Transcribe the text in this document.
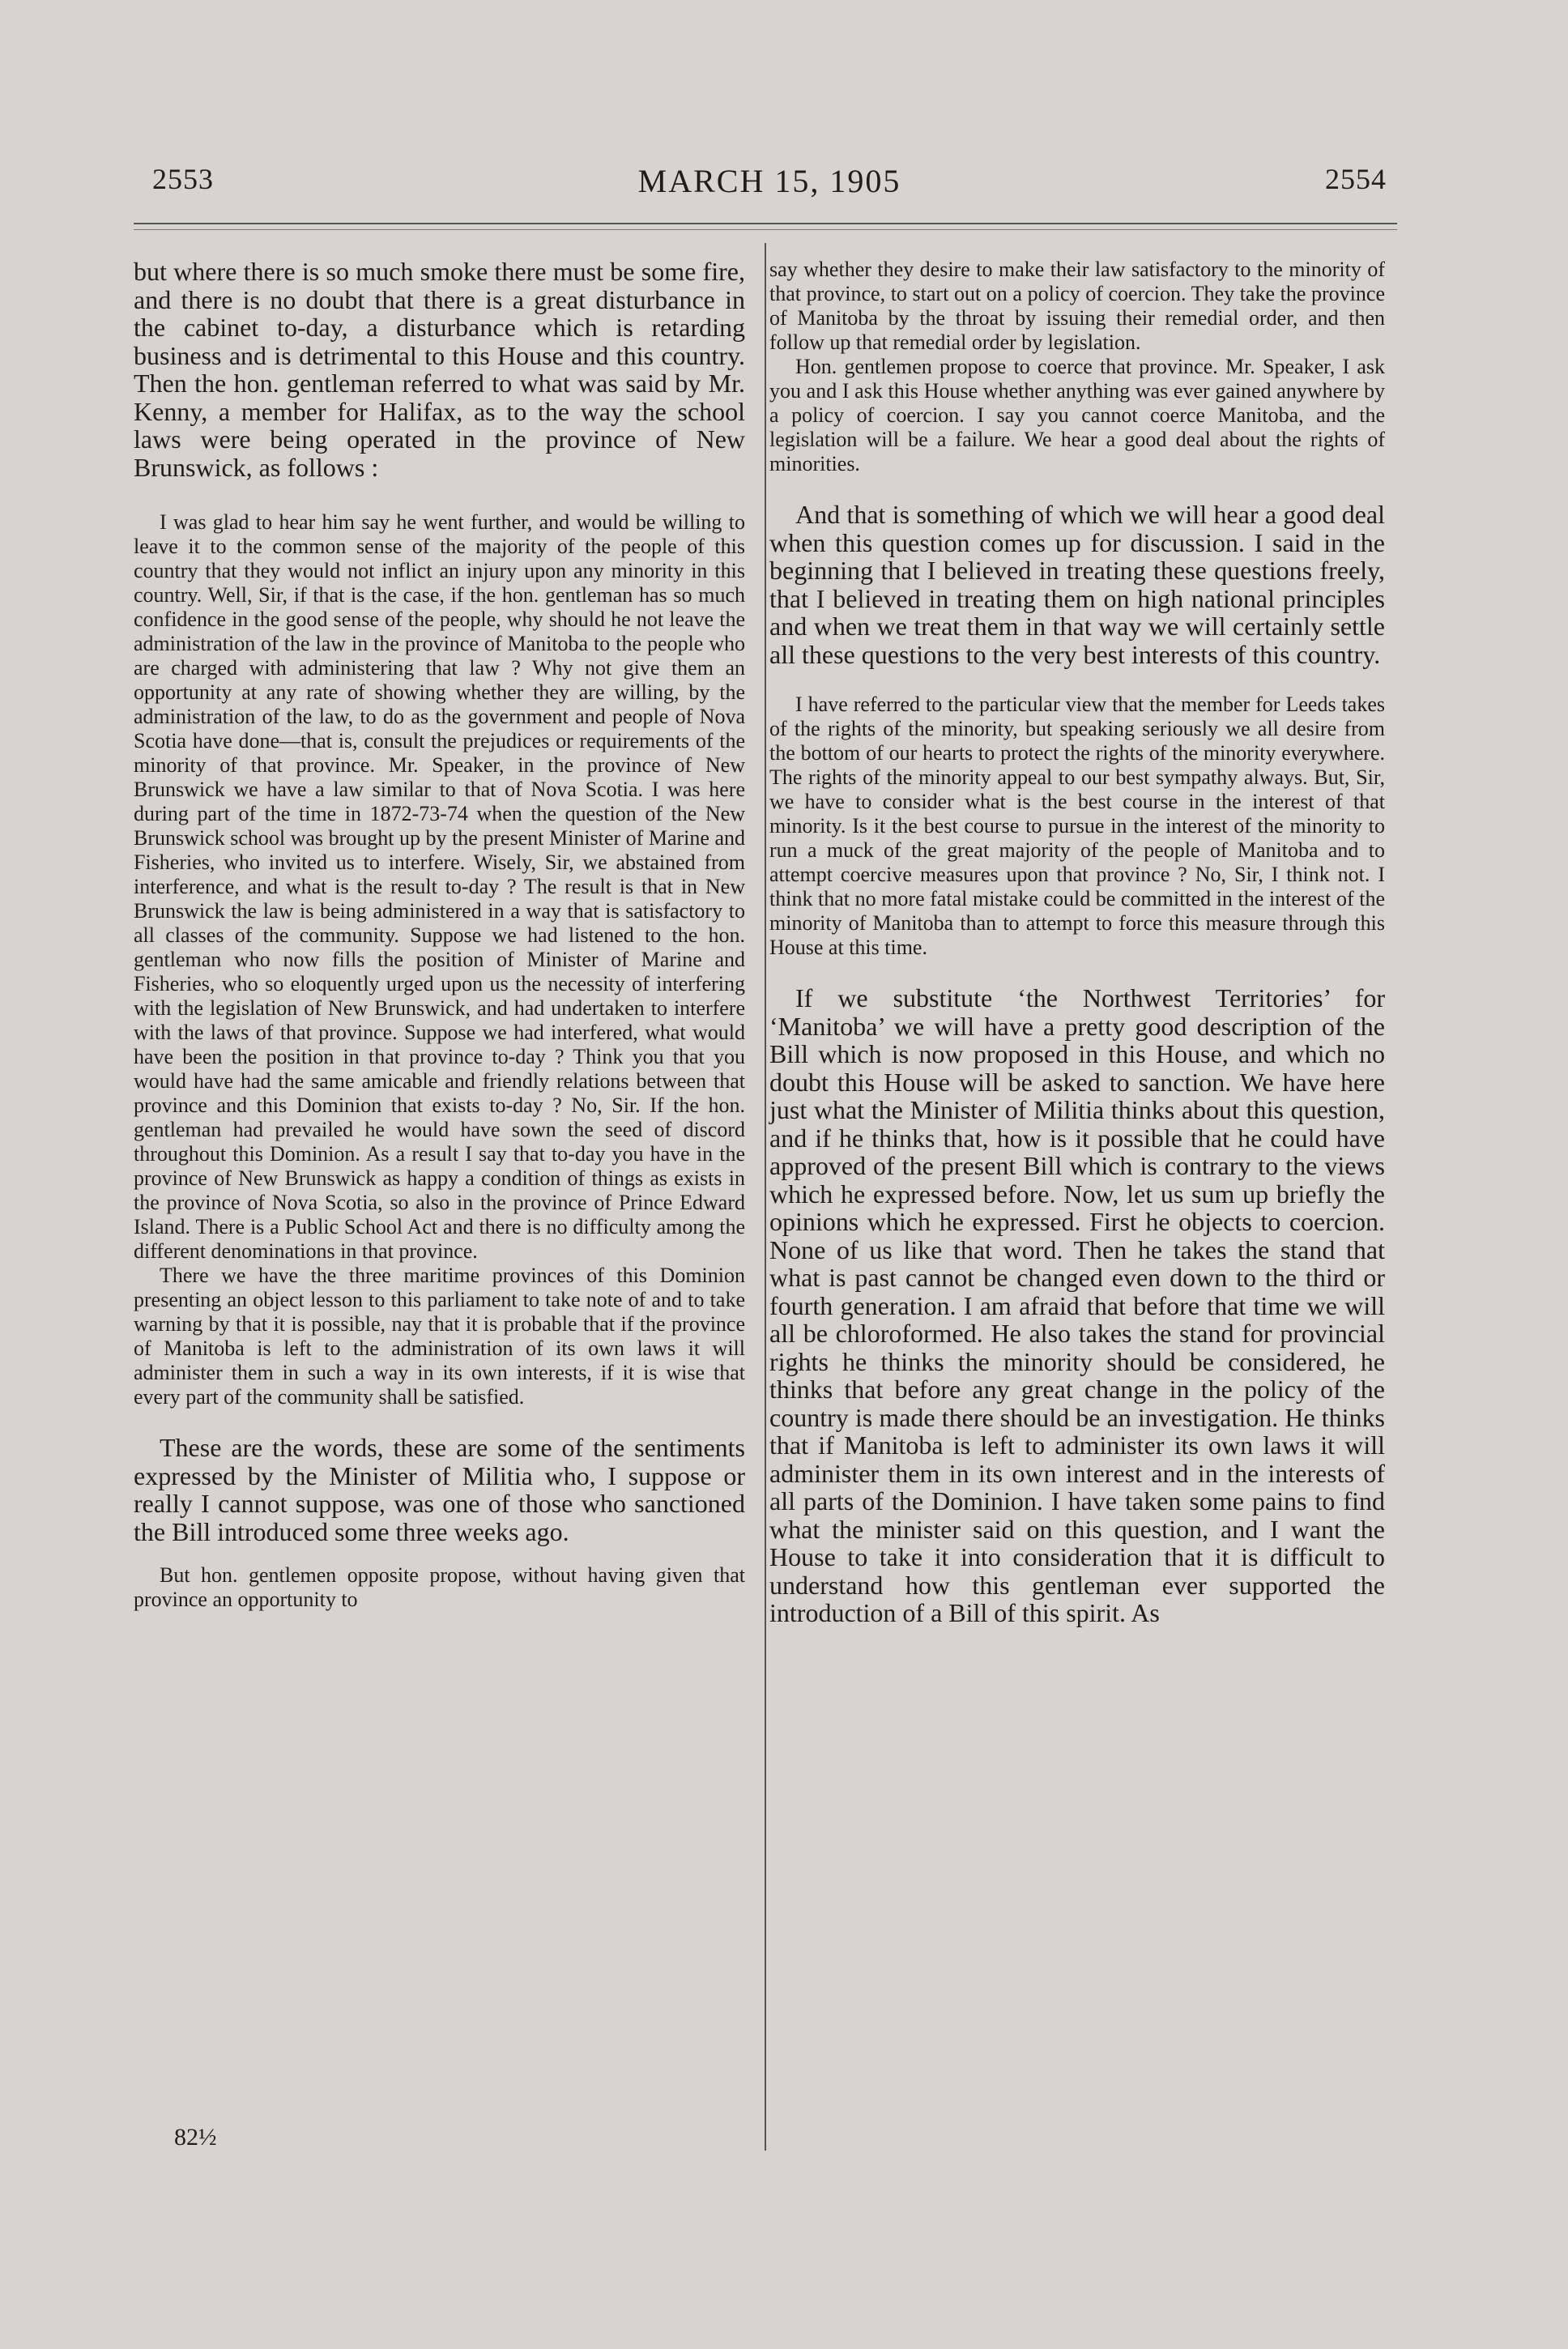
2553	MARCH 15, 1905	2554

but where there is so much smoke there must be some fire, and there is no doubt that there is a great disturbance in the cabinet to-day, a disturbance which is retarding business and is detrimental to this House and this country. Then the hon. gentleman referred to what was said by Mr. Kenny, a member for Halifax, as to the way the school laws were being operated in the province of New Brunswick, as follows :

I was glad to hear him say he went further, and would be willing to leave it to the common sense of the majority of the people of this country that they would not inflict an injury upon any minority in this country. Well, Sir, if that is the case, if the hon. gentleman has so much confidence in the good sense of the people, why should he not leave the administration of the law in the province of Manitoba to the people who are charged with administering that law ? Why not give them an opportunity at any rate of showing whether they are willing, by the administration of the law, to do as the government and people of Nova Scotia have done—that is, consult the prejudices or requirements of the minority of that province. Mr. Speaker, in the province of New Brunswick we have a law similar to that of Nova Scotia. I was here during part of the time in 1872-73-74 when the question of the New Brunswick school was brought up by the present Minister of Marine and Fisheries, who invited us to interfere. Wisely, Sir, we abstained from interference, and what is the result to-day ? The result is that in New Brunswick the law is being administered in a way that is satisfactory to all classes of the community. Suppose we had listened to the hon. gentleman who now fills the position of Minister of Marine and Fisheries, who so eloquently urged upon us the necessity of interfering with the legislation of New Brunswick, and had undertaken to interfere with the laws of that province. Suppose we had interfered, what would have been the position in that province to-day ? Think you that you would have had the same amicable and friendly relations between that province and this Dominion that exists to-day ? No, Sir. If the hon. gentleman had prevailed he would have sown the seed of discord throughout this Dominion. As a result I say that to-day you have in the province of New Brunswick as happy a condition of things as exists in the province of Nova Scotia, so also in the province of Prince Edward Island. There is a Public School Act and there is no difficulty among the different denominations in that province.

There we have the three maritime provinces of this Dominion presenting an object lesson to this parliament to take note of and to take warning by that it is possible, nay that it is probable that if the province of Manitoba is left to the administration of its own laws it will administer them in such a way in its own interests, if it is wise that every part of the community shall be satisfied.

These are the words, these are some of the sentiments expressed by the Minister of Militia who, I suppose or really I cannot suppose, was one of those who sanctioned the Bill introduced some three weeks ago.

But hon. gentlemen opposite propose, without having given that province an opportunity to

82½

say whether they desire to make their law satisfactory to the minority of that province, to start out on a policy of coercion. They take the province of Manitoba by the throat by issuing their remedial order, and then follow up that remedial order by legislation.

Hon. gentlemen propose to coerce that province. Mr. Speaker, I ask you and I ask this House whether anything was ever gained anywhere by a policy of coercion. I say you cannot coerce Manitoba, and the legislation will be a failure. We hear a good deal about the rights of minorities.

And that is something of which we will hear a good deal when this question comes up for discussion. I said in the beginning that I believed in treating these questions freely, that I believed in treating them on high national principles and when we treat them in that way we will certainly settle all these questions to the very best interests of this country.

I have referred to the particular view that the member for Leeds takes of the rights of the minority, but speaking seriously we all desire from the bottom of our hearts to protect the rights of the minority everywhere. The rights of the minority appeal to our best sympathy always. But, Sir, we have to consider what is the best course in the interest of that minority. Is it the best course to pursue in the interest of the minority to run a muck of the great majority of the people of Manitoba and to attempt coercive measures upon that province ? No, Sir, I think not. I think that no more fatal mistake could be committed in the interest of the minority of Manitoba than to attempt to force this measure through this House at this time.

If we substitute ‘the Northwest Territories’ for ‘Manitoba’ we will have a pretty good description of the Bill which is now proposed in this House, and which no doubt this House will be asked to sanction. We have here just what the Minister of Militia thinks about this question, and if he thinks that, how is it possible that he could have approved of the present Bill which is contrary to the views which he expressed before. Now, let us sum up briefly the opinions which he expressed. First he objects to coercion. None of us like that word. Then he takes the stand that what is past cannot be changed even down to the third or fourth generation. I am afraid that before that time we will all be chloroformed. He also takes the stand for provincial rights he thinks the minority should be considered, he thinks that before any great change in the policy of the country is made there should be an investigation. He thinks that if Manitoba is left to administer its own laws it will administer them in its own interest and in the interests of all parts of the Dominion. I have taken some pains to find what the minister said on this question, and I want the House to take it into consideration that it is difficult to understand how this gentleman ever supported the introduction of a Bill of this spirit. As
